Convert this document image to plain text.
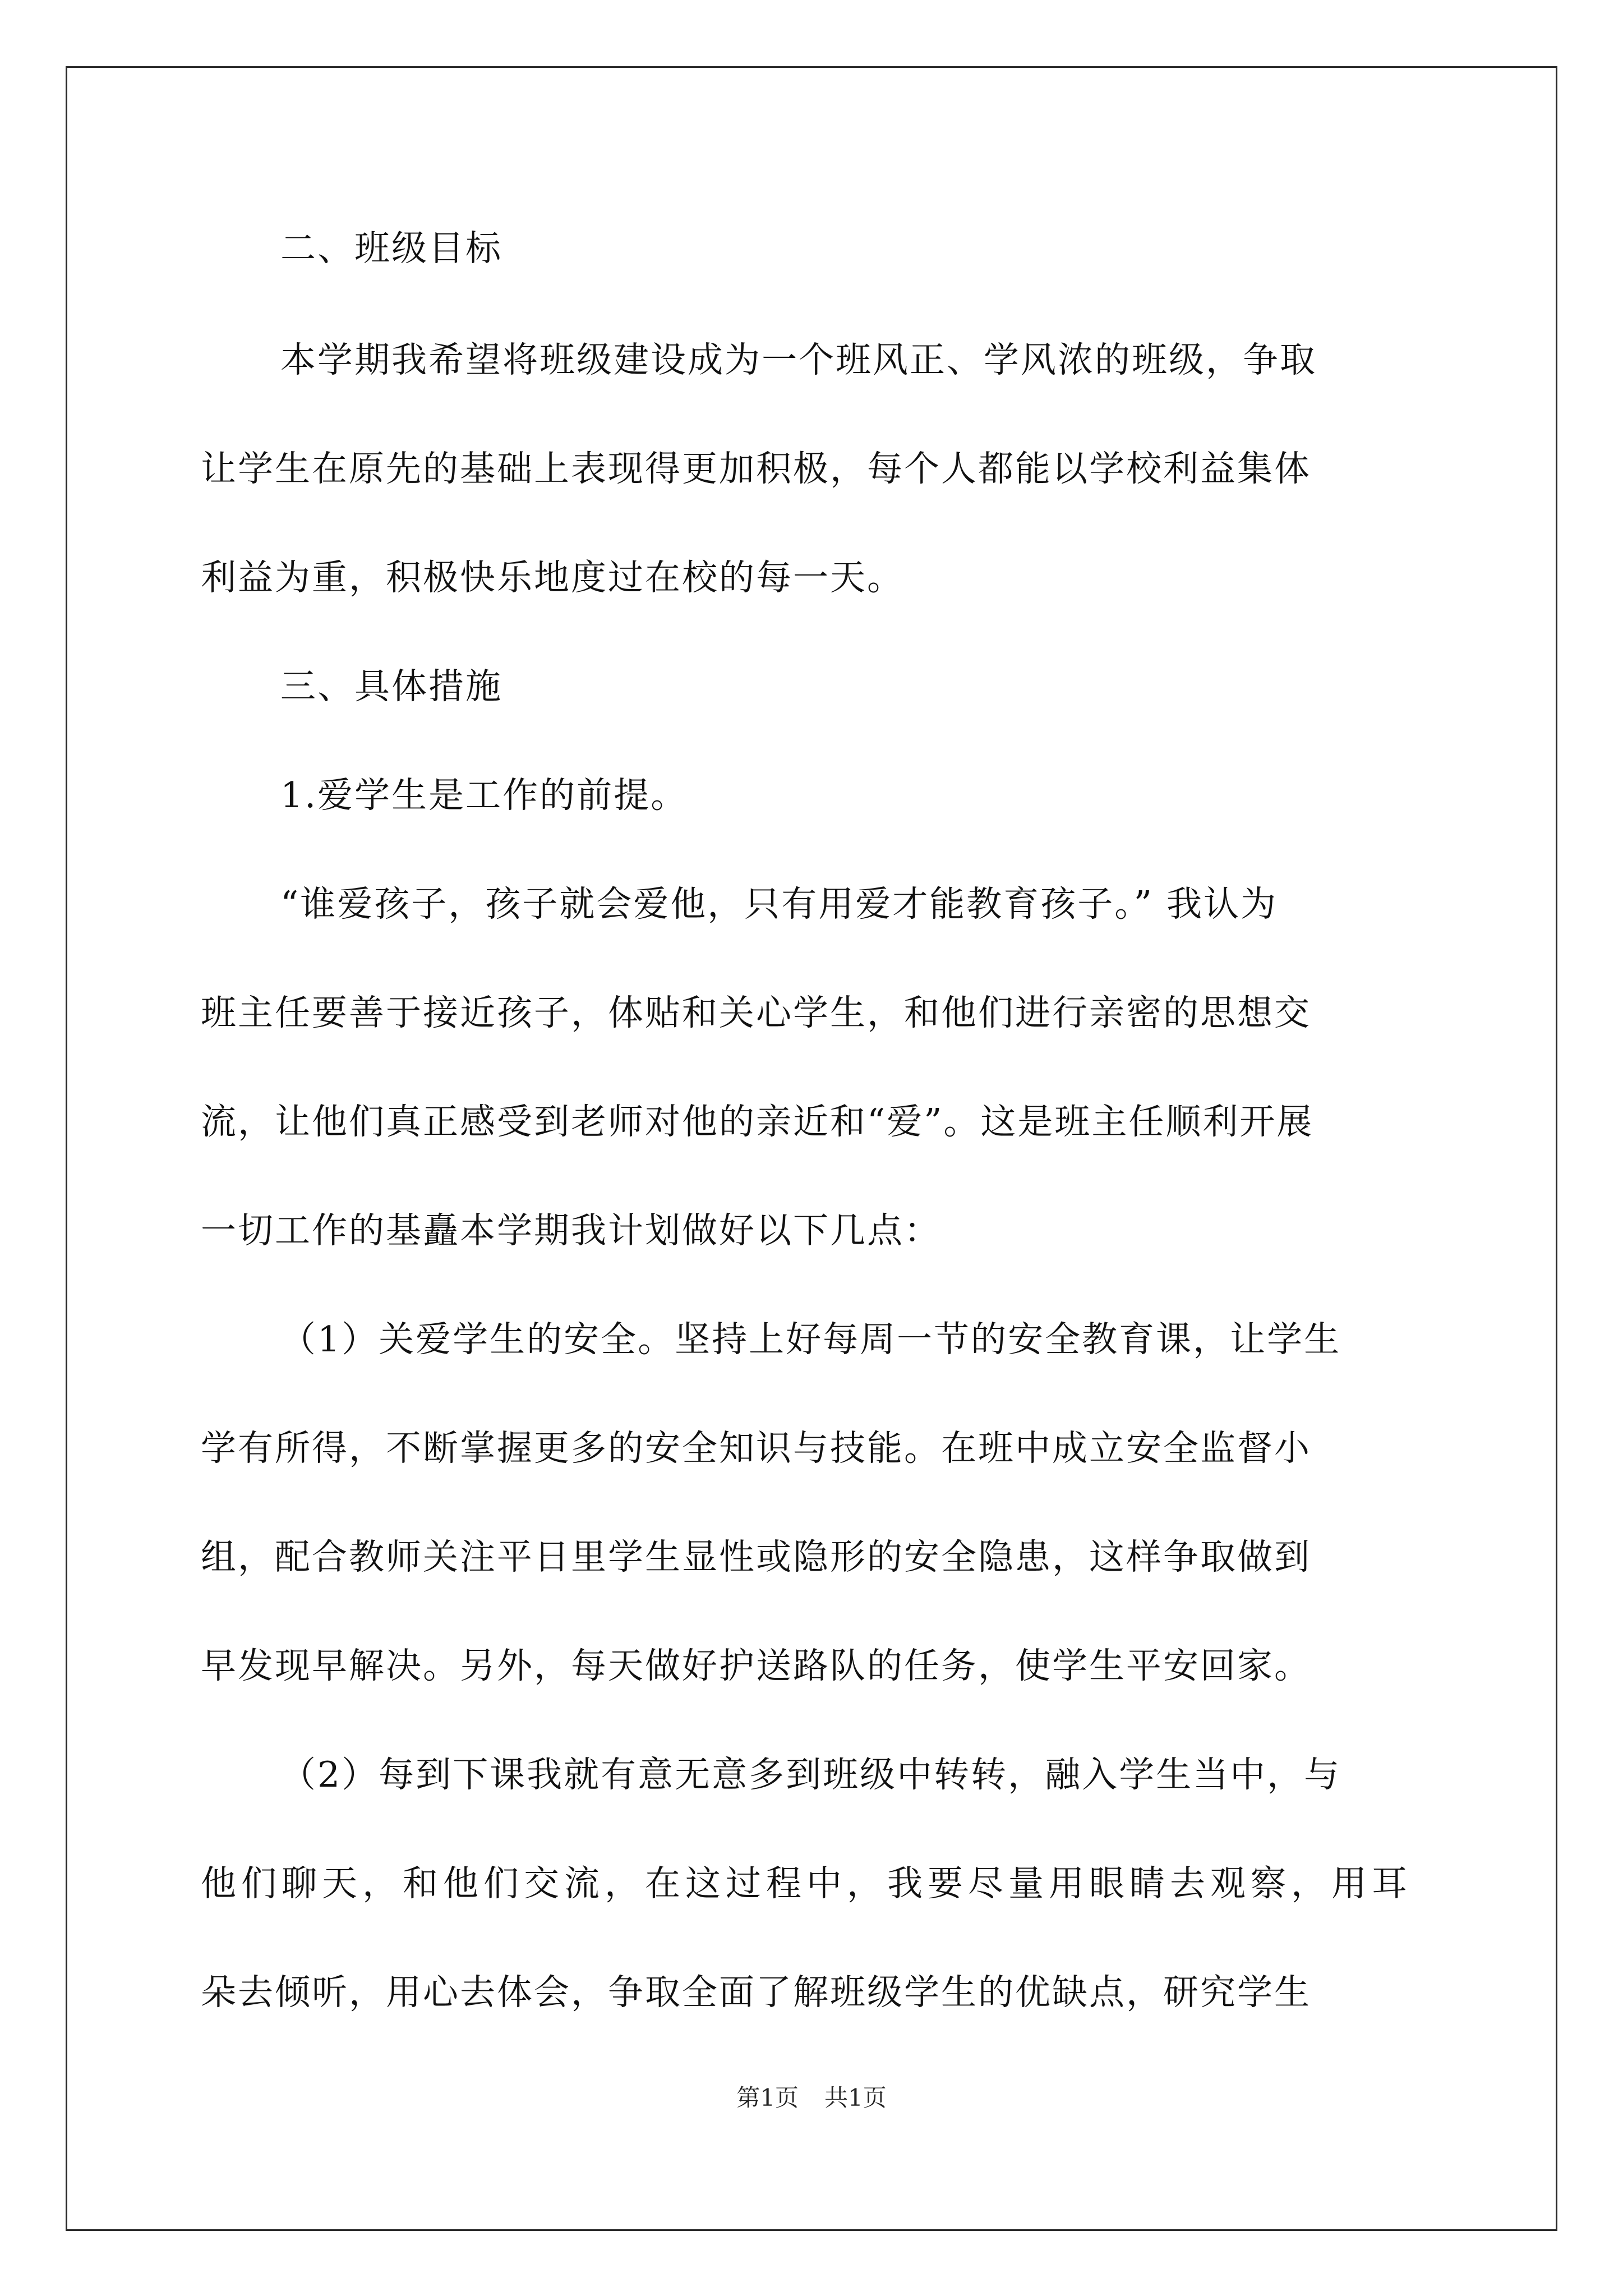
二、班级目标
本学期我希望将班级建设成为一个班风正、学风浓的班级，争取
让学生在原先的基础上表现得更加积极，每个人都能以学校利益集体
利益为重，积极快乐地度过在校的每一天。
三、具体措施
1.爱学生是工作的前提。
“谁爱孩子，孩子就会爱他，只有用爱才能教育孩子。” 我认为
班主任要善于接近孩子，体贴和关心学生，和他们进行亲密的思想交
流，让他们真正感受到老师对他的亲近和“爱”。这是班主任顺利开展
一切工作的基矗本学期我计划做好以下几点：
（1）关爱学生的安全。坚持上好每周一节的安全教育课，让学生
学有所得，不断掌握更多的安全知识与技能。在班中成立安全监督小
组，配合教师关注平日里学生显性或隐形的安全隐患，这样争取做到
早发现早解决。另外，每天做好护送路队的任务，使学生平安回家。
（2）每到下课我就有意无意多到班级中转转，融入学生当中，与
他们聊天，和他们交流，在这过程中，我要尽量用眼睛去观察，用耳
朵去倾听，用心去体会，争取全面了解班级学生的优缺点，研究学生
第1页 共1页
